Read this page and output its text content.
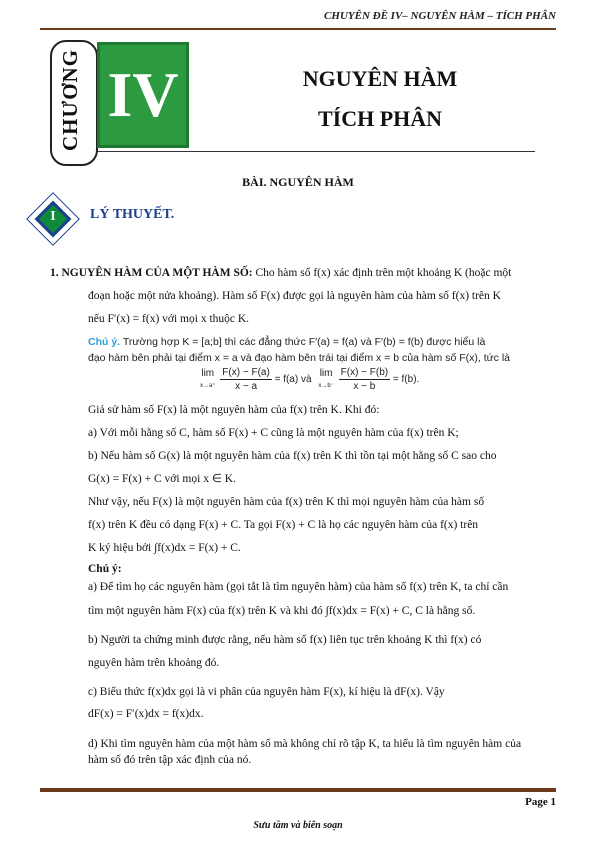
CHUYÊN ĐỀ IV– NGUYÊN HÀM – TÍCH PHÂN
CHƯƠNG IV	NGUYÊN HÀM
TÍCH PHÂN
BÀI. NGUYÊN HÀM
I	LÝ THUYẾT.
1. NGUYÊN HÀM CỦA MỘT HÀM SỐ: Cho hàm số f(x) xác định trên một khoảng K (hoặc một
đoạn hoặc một nửa khoảng). Hàm số F(x) được gọi là nguyên hàm của hàm số f(x) trên K
nếu F′(x) = f(x) với mọi x thuộc K.
Chú ý. Trường hợp K = [a;b] thì các đẳng thức F′(a) = f(a) và F′(b) = f(b) được hiểu là
đạo hàm bên phải tại điểm x = a và đạo hàm bên trái tại điểm x = b của hàm số F(x), tức là
lim
x→a⁺
$\frac{F(x) - F(a)}{x - a} = f(a)$ và lim
x→b⁻
$\frac{F(x) - F(b)}{x - b} = f(b)$.
Giả sử hàm số F(x) là một nguyên hàm của f(x) trên K. Khi đó:
a) Với mỗi hằng số C, hàm số F(x) + C cũng là một nguyên hàm của f(x) trên K;
b) Nếu hàm số G(x) là một nguyên hàm của f(x) trên K thì tồn tại một hằng số C sao cho
G(x) = F(x) + C với mọi x ∈ K.
Như vậy, nếu F(x) là một nguyên hàm của f(x) trên K thì mọi nguyên hàm của hàm số
f(x) trên K đều có dạng F(x) + C. Ta gọi F(x) + C là họ các nguyên hàm của f(x) trên
K ký hiệu bởi ∫f(x)dx = F(x) + C.
Chú ý:
a) Để tìm họ các nguyên hàm (gọi tắt là tìm nguyên hàm) của hàm số f(x) trên K, ta chỉ cần
tìm một nguyên hàm F(x) của f(x) trên K và khi đó ∫f(x)dx = F(x) + C, C là hằng số.
b) Người ta chứng minh được rằng, nếu hàm số f(x) liên tục trên khoảng K thì f(x) có
nguyên hàm trên khoảng đó.
c) Biểu thức f(x)dx gọi là vi phân của nguyên hàm F(x), kí hiệu là dF(x). Vậy
dF(x) = F′(x)dx = f(x)dx.
d) Khi tìm nguyên hàm của một hàm số mà không chỉ rõ tập K, ta hiểu là tìm nguyên hàm của
hàm số đó trên tập xác định của nó.
Page 1
Sưu tầm và biên soạn
